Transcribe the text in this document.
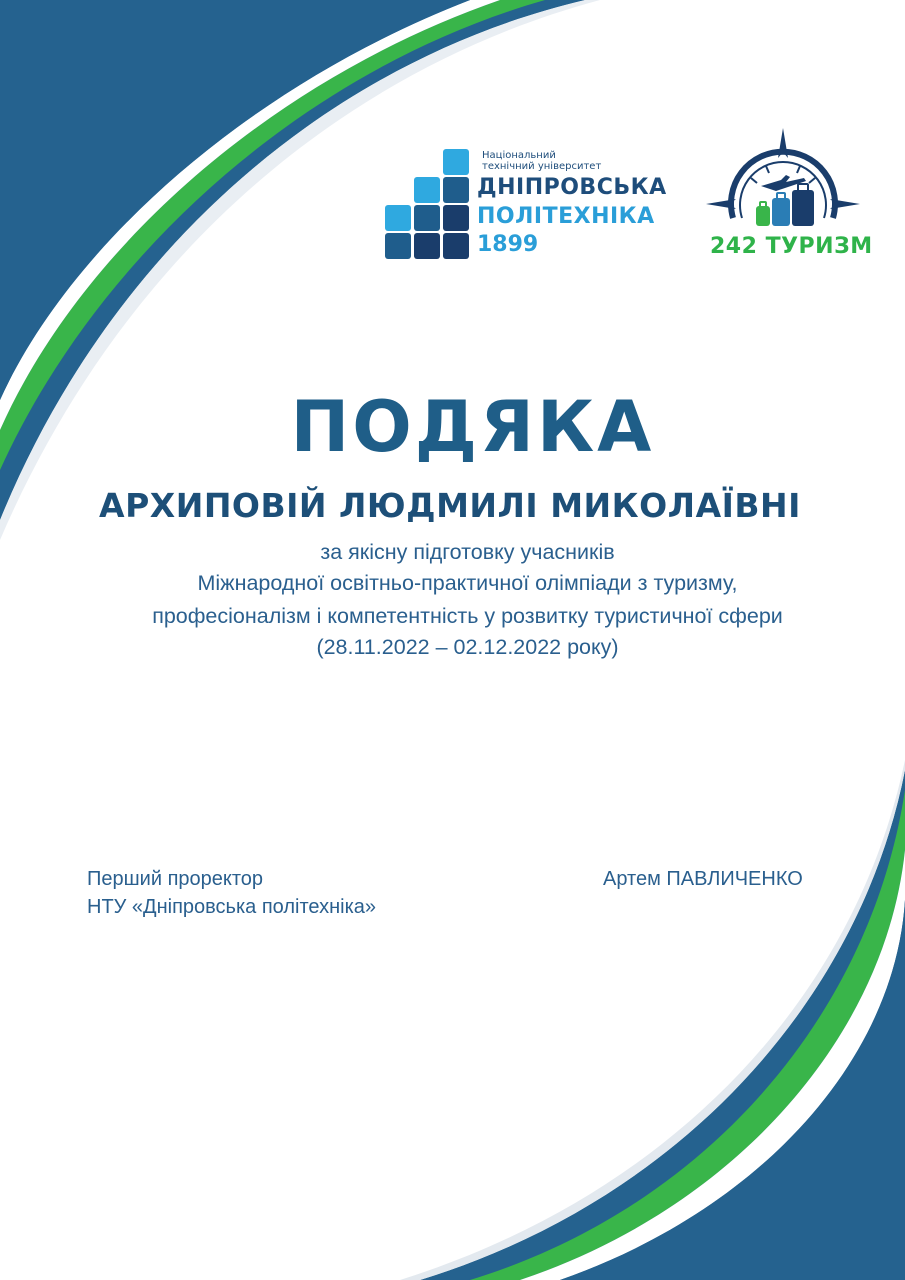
Національний
технічний університет
ДНІПРОВСЬКА
ПОЛІТЕХНІКА
1899	242 ТУРИЗМ
ПОДЯКА
АРХИПОВІЙ ЛЮДМИЛІ МИКОЛАЇВНІ
за якісну підготовку учасників
Міжнародної освітньо-практичної олімпіади з туризму,
професіоналізм і компетентність у розвитку туристичної сфери
(28.11.2022 – 02.12.2022 року)
Перший проректор
НТУ «Дніпровська політехніка»
Артем ПАВЛИЧЕНКО
